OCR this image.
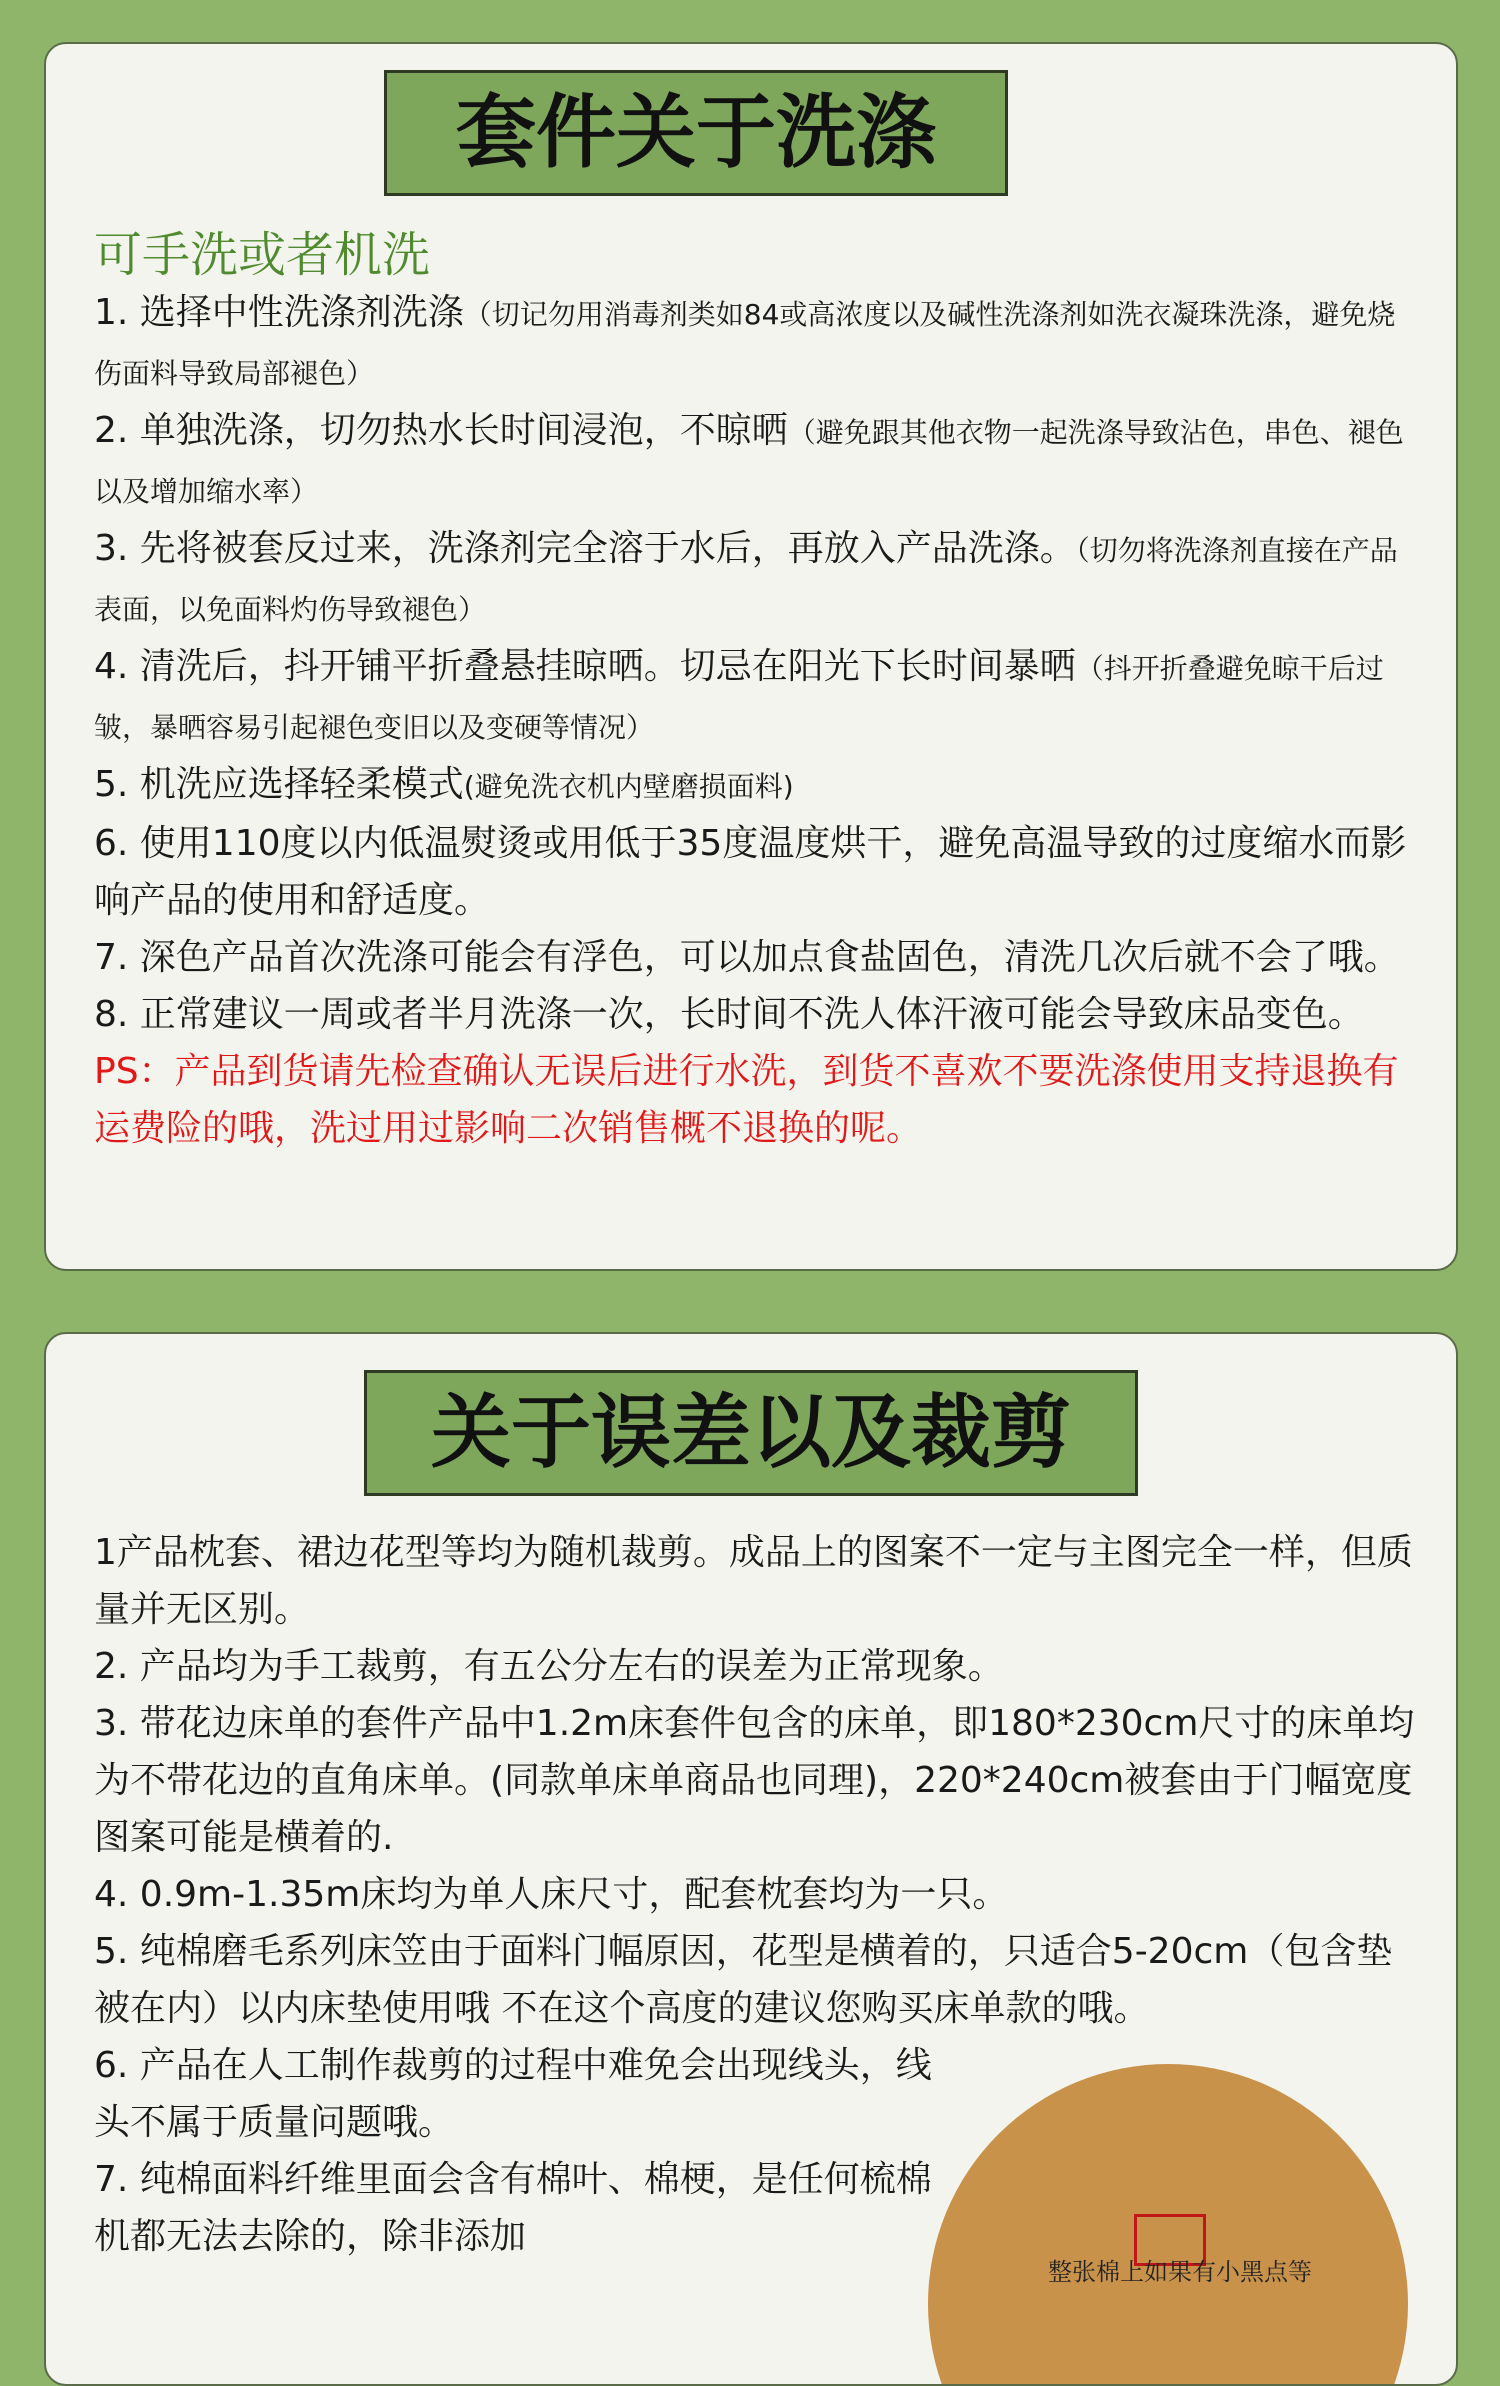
套件关于洗涤
可手洗或者机洗
1. 选择中性洗涤剂洗涤（切记勿用消毒剂类如84或高浓度以及碱性洗涤剂如洗衣凝珠洗涤，避免烧伤面料导致局部褪色）
2. 单独洗涤，切勿热水长时间浸泡，不晾晒（避免跟其他衣物一起洗涤导致沾色，串色、褪色以及增加缩水率）
3. 先将被套反过来，洗涤剂完全溶于水后，再放入产品洗涤。（切勿将洗涤剂直接在产品表面，以免面料灼伤导致褪色）
4. 清洗后，抖开铺平折叠悬挂晾晒。切忌在阳光下长时间暴晒（抖开折叠避免晾干后过皱，暴晒容易引起褪色变旧以及变硬等情况）
5. 机洗应选择轻柔模式(避免洗衣机内壁磨损面料)
6. 使用110度以内低温熨烫或用低于35度温度烘干，避免高温导致的过度缩水而影响产品的使用和舒适度。
7. 深色产品首次洗涤可能会有浮色，可以加点食盐固色，清洗几次后就不会了哦。
8. 正常建议一周或者半月洗涤一次，长时间不洗人体汗液可能会导致床品变色。
PS：产品到货请先检查确认无误后进行水洗，到货不喜欢不要洗涤使用支持退换有运费险的哦，洗过用过影响二次销售概不退换的呢。
关于误差以及裁剪
1产品枕套、裙边花型等均为随机裁剪。成品上的图案不一定与主图完全一样，但质量并无区别。
2. 产品均为手工裁剪，有五公分左右的误差为正常现象。
3. 带花边床单的套件产品中1.2m床套件包含的床单，即180*230cm尺寸的床单均为不带花边的直角床单。(同款单床单商品也同理)，220*240cm被套由于门幅宽度图案可能是横着的.
4. 0.9m-1.35m床均为单人床尺寸，配套枕套均为一只。
5. 纯棉磨毛系列床笠由于面料门幅原因，花型是横着的，只适合5-20cm（包含垫被在内）以内床垫使用哦 不在这个高度的建议您购买床单款的哦。
6. 产品在人工制作裁剪的过程中难免会出现线头，线头不属于质量问题哦。
7. 纯棉面料纤维里面会含有棉叶、棉梗，是任何梳棉机都无法去除的，除非添加
整张棉上如果有小黑点等
